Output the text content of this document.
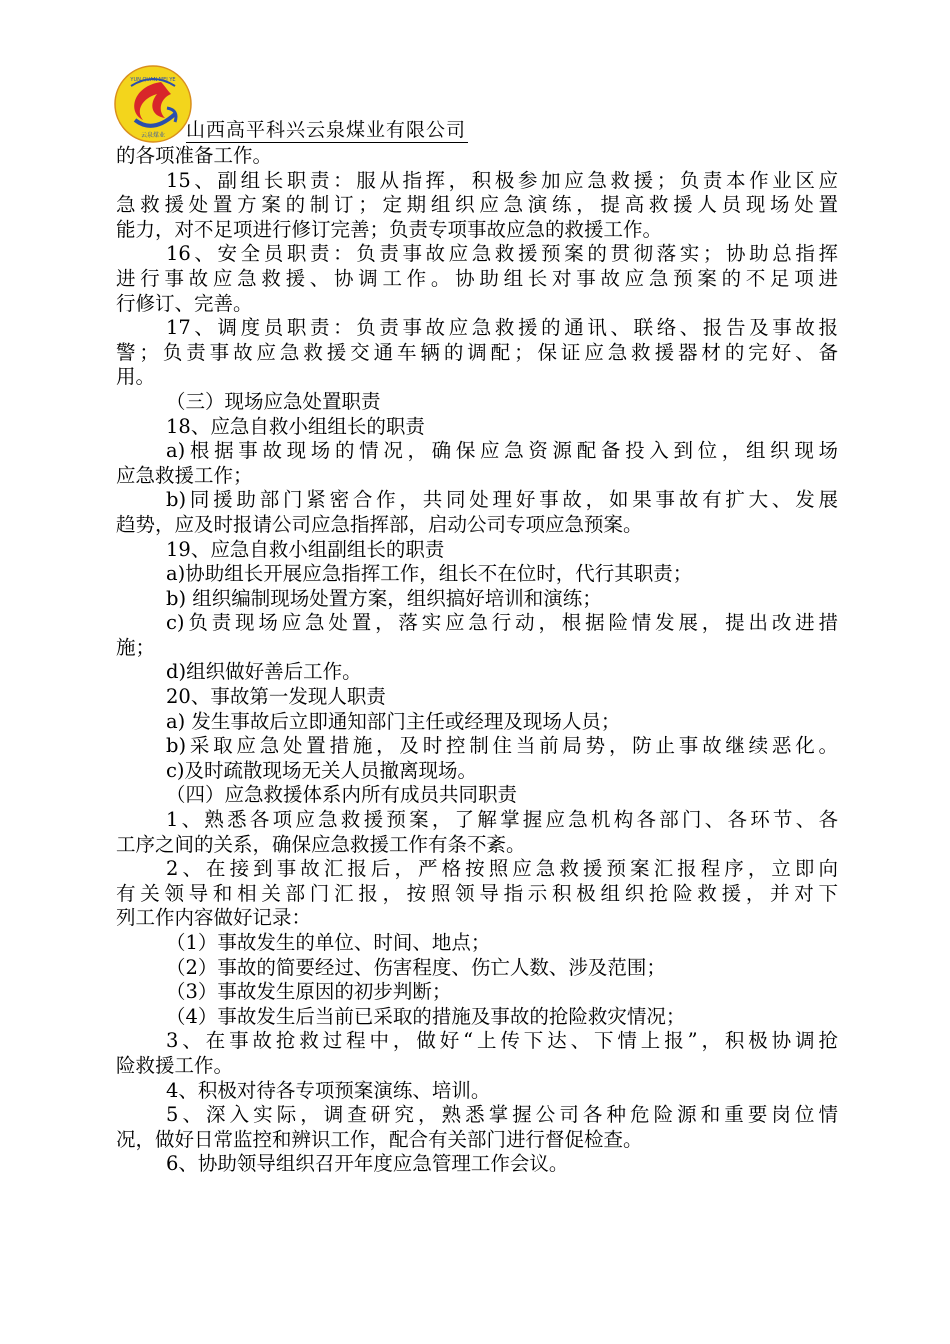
YUN QUAN MEI YE
云泉煤业 山西高平科兴云泉煤业有限公司
的各项准备工作。
15、副组长职责：服从指挥，积极参加应急救援；负责本作业区应
急救援处置方案的制订；定期组织应急演练，提高救援人员现场处置
能力，对不足项进行修订完善；负责专项事故应急的救援工作。
16、安全员职责：负责事故应急救援预案的贯彻落实；协助总指挥
进行事故应急救援、协调工作。协助组长对事故应急预案的不足项进
行修订、完善。
17、调度员职责：负责事故应急救援的通讯、联络、报告及事故报
警；负责事故应急救援交通车辆的调配；保证应急救援器材的完好、备
用。
（三）现场应急处置职责
18、应急自救小组组长的职责
a)根据事故现场的情况，确保应急资源配备投入到位，组织现场
应急救援工作；
b)同援助部门紧密合作，共同处理好事故，如果事故有扩大、发展
趋势，应及时报请公司应急指挥部，启动公司专项应急预案。
19、应急自救小组副组长的职责
a)协助组长开展应急指挥工作，组长不在位时，代行其职责；
b) 组织编制现场处置方案，组织搞好培训和演练；
c)负责现场应急处置，落实应急行动，根据险情发展，提出改进措
施；
d)组织做好善后工作。
20、事故第一发现人职责
a) 发生事故后立即通知部门主任或经理及现场人员；
b)采取应急处置措施，及时控制住当前局势，防止事故继续恶化。
c)及时疏散现场无关人员撤离现场。
（四）应急救援体系内所有成员共同职责
1、熟悉各项应急救援预案，了解掌握应急机构各部门、各环节、各
工序之间的关系，确保应急救援工作有条不紊。
2、在接到事故汇报后，严格按照应急救援预案汇报程序，立即向
有关领导和相关部门汇报，按照领导指示积极组织抢险救援，并对下
列工作内容做好记录：
（1）事故发生的单位、时间、地点；
（2）事故的简要经过、伤害程度、伤亡人数、涉及范围；
（3）事故发生原因的初步判断；
（4）事故发生后当前已采取的措施及事故的抢险救灾情况；
3、在事故抢救过程中，做好“上传下达、下情上报”，积极协调抢
险救援工作。
4、积极对待各专项预案演练、培训。
5、深入实际，调查研究，熟悉掌握公司各种危险源和重要岗位情
况，做好日常监控和辨识工作，配合有关部门进行督促检查。
6、协助领导组织召开年度应急管理工作会议。
